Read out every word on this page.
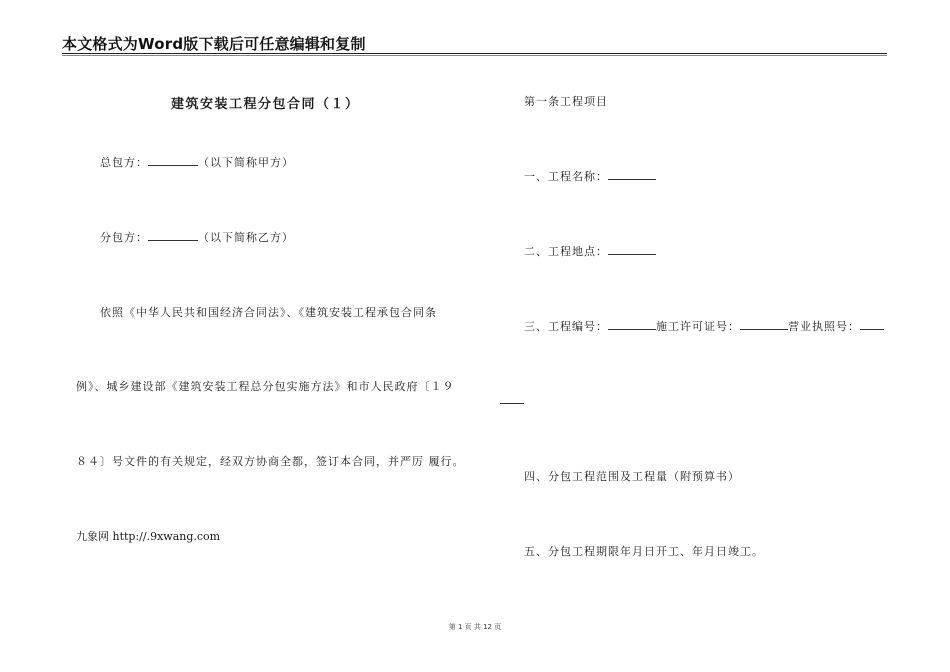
本文格式为Word版下载后可任意编辑和复制
建筑安装工程分包合同（１）
总包方：	（以下简称甲方）
分包方：	（以下简称乙方）
依照《中华人民共和国经济合同法》、《建筑安装工程承包合同条
例》、城乡建设部《建筑安装工程总分包实施方法》和市人民政府〔１９
８４〕号文件的有关规定，经双方协商全都，签订本合同，并严厉 履行。
九象网 http://.9xwang.com
第一条工程项目
一、工程名称：
二、工程地点：
三、工程编号：	施工许可证号：	营业执照号：
四、分包工程范围及工程量（附预算书）
五、分包工程期限年月日开工、年月日竣工。
第 1 页 共 12 页
